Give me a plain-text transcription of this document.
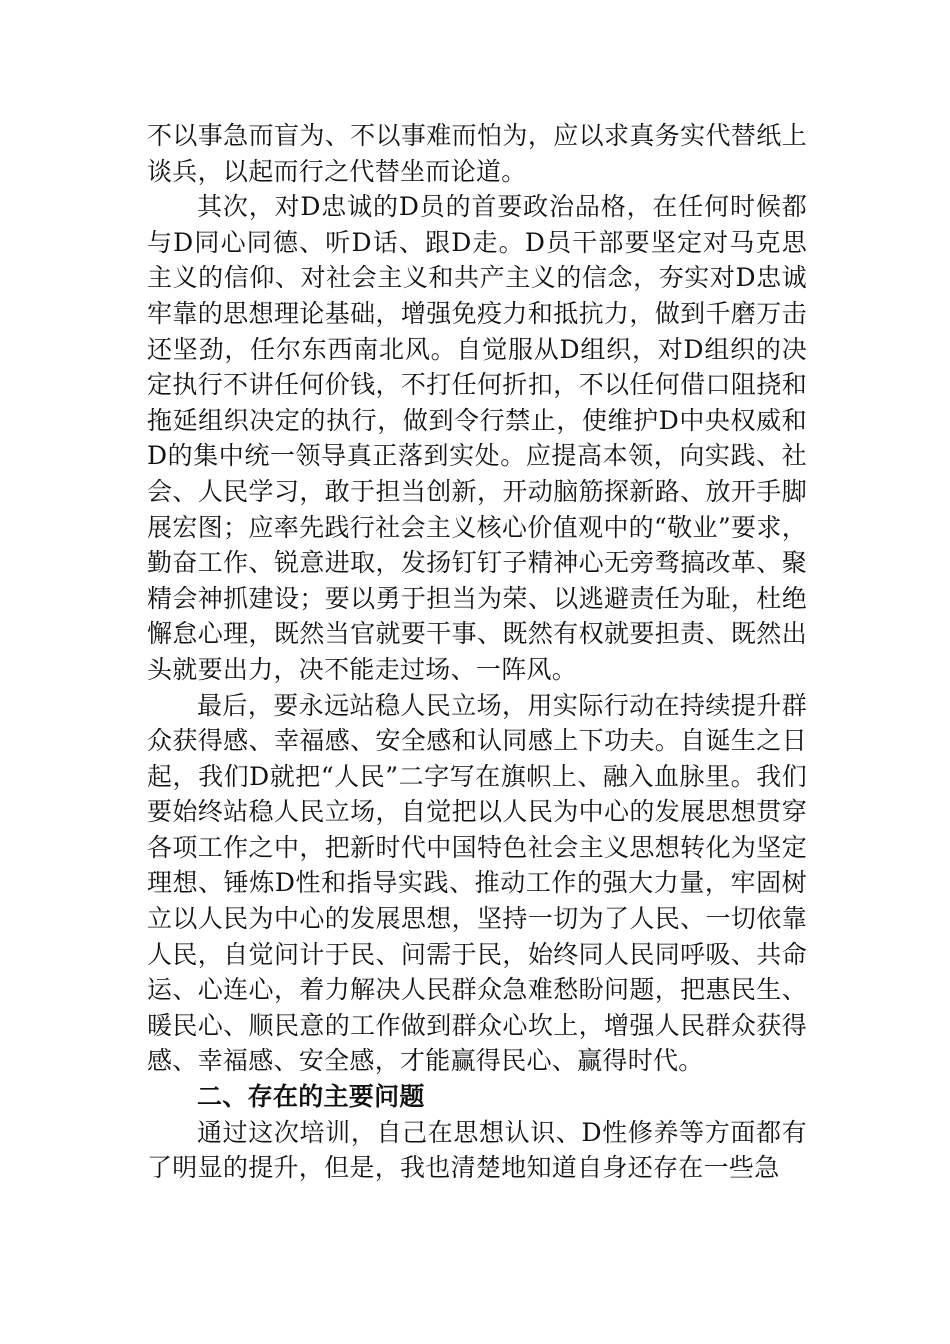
不以事急而盲为、不以事难而怕为，应以求真务实代替纸上谈兵，以起而行之代替坐而论道。

其次，对D忠诚的D员的首要政治品格，在任何时候都与D同心同德、听D话、跟D走。D员干部要坚定对马克思主义的信仰、对社会主义和共产主义的信念，夯实对D忠诚牢靠的思想理论基础，增强免疫力和抵抗力，做到千磨万击还坚劲，任尔东西南北风。自觉服从D组织，对D组织的决定执行不讲任何价钱，不打任何折扣，不以任何借口阻挠和拖延组织决定的执行，做到令行禁止，使维护D中央权威和D的集中统一领导真正落到实处。应提高本领，向实践、社会、人民学习，敢于担当创新，开动脑筋探新路、放开手脚展宏图；应率先践行社会主义核心价值观中的“敬业”要求，勤奋工作、锐意进取，发扬钉钉子精神心无旁骛搞改革、聚精会神抓建设；要以勇于担当为荣、以逃避责任为耻，杜绝懈怠心理，既然当官就要干事、既然有权就要担责、既然出头就要出力，决不能走过场、一阵风。

最后，要永远站稳人民立场，用实际行动在持续提升群众获得感、幸福感、安全感和认同感上下功夫。自诞生之日起，我们D就把“人民”二字写在旗帜上、融入血脉里。我们要始终站稳人民立场，自觉把以人民为中心的发展思想贯穿各项工作之中，把新时代中国特色社会主义思想转化为坚定理想、锤炼D性和指导实践、推动工作的强大力量，牢固树立以人民为中心的发展思想，坚持一切为了人民、一切依靠人民，自觉问计于民、问需于民，始终同人民同呼吸、共命运、心连心，着力解决人民群众急难愁盼问题，把惠民生、暖民心、顺民意的工作做到群众心坎上，增强人民群众获得感、幸福感、安全感，才能赢得民心、赢得时代。

二、存在的主要问题

通过这次培训，自己在思想认识、D性修养等方面都有了明显的提升，但是，我也清楚地知道自身还存在一些急
